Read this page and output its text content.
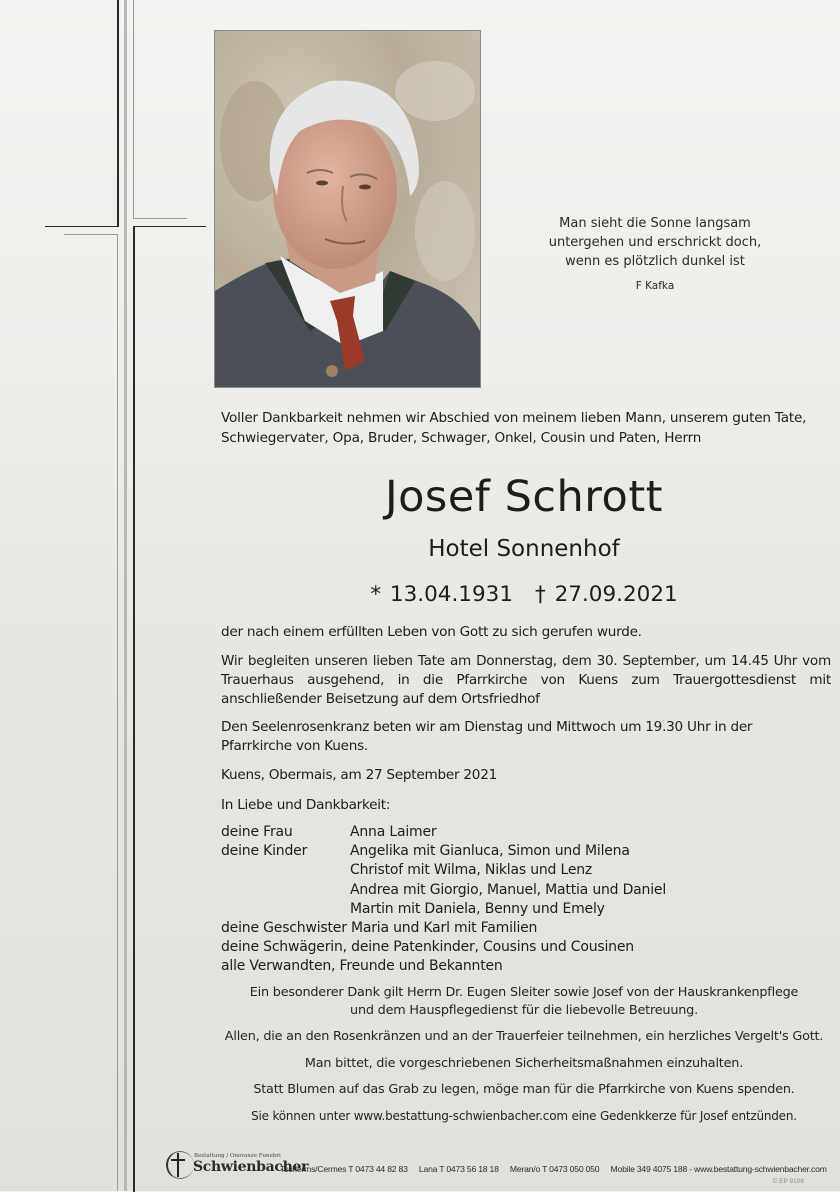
Man sieht die Sonne langsam
untergehen und erschrickt doch,
wenn es plötzlich dunkel ist
F Kafka
Voller Dankbarkeit nehmen wir Abschied von meinem lieben Mann, unserem guten Tate,
Schwiegervater, Opa, Bruder, Schwager, Onkel, Cousin und Paten, Herrn
Josef Schrott
Hotel Sonnenhof
* 13.04.1931 † 27.09.2021
der nach einem erfüllten Leben von Gott zu sich gerufen wurde.
Wir begleiten unseren lieben Tate am Donnerstag, dem 30. September, um 14.45 Uhr vom Trauerhaus ausgehend, in die Pfarrkirche von Kuens zum Trauergottesdienst mit anschließender Beisetzung auf dem Ortsfriedhof
Den Seelenrosenkranz beten wir am Dienstag und Mittwoch um 19.30 Uhr in der Pfarrkirche von Kuens.
Kuens, Obermais, am 27 September 2021
In Liebe und Dankbarkeit:
deine Frau	Anna Laimer
deine Kinder	Angelika mit Gianluca, Simon und Milena
Christof mit Wilma, Niklas und Lenz
Andrea mit Giorgio, Manuel, Mattia und Daniel
Martin mit Daniela, Benny und Emely
deine Geschwister Maria und Karl mit Familien
deine Schwägerin, deine Patenkinder, Cousins und Cousinen
alle Verwandten, Freunde und Bekannten
Ein besonderer Dank gilt Herrn Dr. Eugen Sleiter sowie Josef von der Hauskrankenpflege
und dem Hauspflegedienst für die liebevolle Betreuung.
Allen, die an den Rosenkränzen und an der Trauerfeier teilnehmen, ein herzliches Vergelt's Gott.
Man bittet, die vorgeschriebenen Sicherheitsmaßnahmen einzuhalten.
Statt Blumen auf das Grab zu legen, möge man für die Pfarrkirche von Kuens spenden.
Sie können unter www.bestattung-schwienbacher.com eine Gedenkkerze für Josef entzünden.
Bestattung / Onoranze Funebri
Schwienbacher
Tscherms/Cermes T 0473 44 82 83 Lana T 0473 56 18 18 Meran/o T 0473 050 050 Mobile 349 4075 188 - www.bestattung-schwienbacher.com
© EP 9108
